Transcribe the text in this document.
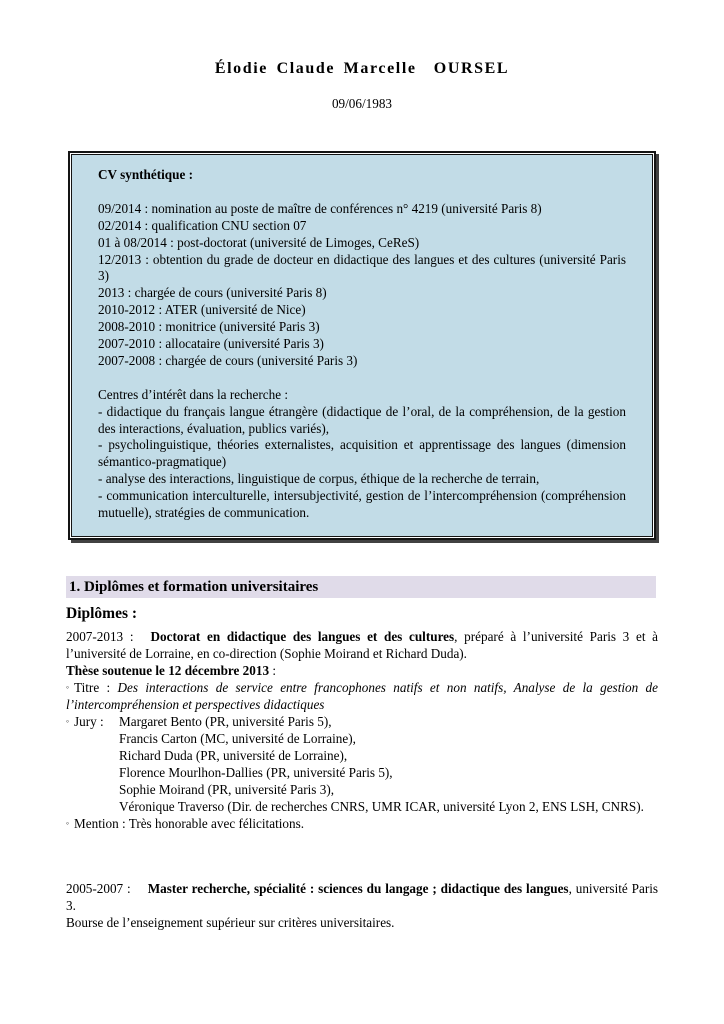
Élodie Claude Marcelle  OURSEL
09/06/1983
CV synthétique :
09/2014 : nomination au poste de maître de conférences n° 4219 (université Paris 8)
02/2014 : qualification CNU section 07
01 à 08/2014 : post-doctorat (université de Limoges, CeReS)
12/2013 : obtention du grade de docteur en didactique des langues et des cultures (université Paris 3)
2013 : chargée de cours (université Paris 8)
2010-2012 : ATER (université de Nice)
2008-2010 : monitrice (université Paris 3)
2007-2010 : allocataire (université Paris 3)
2007-2008 : chargée de cours (université Paris 3)
Centres d’intérêt dans la recherche :
- didactique du français langue étrangère (didactique de l’oral, de la compréhension, de la gestion des interactions, évaluation, publics variés),
- psycholinguistique, théories externalistes, acquisition et apprentissage des langues (dimension sémantico-pragmatique)
- analyse des interactions, linguistique de corpus, éthique de la recherche de terrain,
- communication interculturelle, intersubjectivité, gestion de l’intercompréhension (compréhension mutuelle), stratégies de communication.
1. Diplômes et formation universitaires
Diplômes :
2007-2013 : Doctorat en didactique des langues et des cultures, préparé à l’université Paris 3 et à l’université de Lorraine, en co-direction (Sophie Moirand et Richard Duda).
Thèse soutenue le 12 décembre 2013 :
◦ Titre : Des interactions de service entre francophones natifs et non natifs, Analyse de la gestion de l’intercompréhension et perspectives didactiques
◦ Jury : Margaret Bento (PR, université Paris 5),
Francis Carton (MC, université de Lorraine),
Richard Duda (PR, université de Lorraine),
Florence Mourlhon-Dallies (PR, université Paris 5),
Sophie Moirand (PR, université Paris 3),
Véronique Traverso (Dir. de recherches CNRS, UMR ICAR, université Lyon 2, ENS LSH, CNRS).
◦ Mention : Très honorable avec félicitations.
2005-2007 : Master recherche, spécialité : sciences du langage ; didactique des langues, université Paris 3.
Bourse de l’enseignement supérieur sur critères universitaires.
